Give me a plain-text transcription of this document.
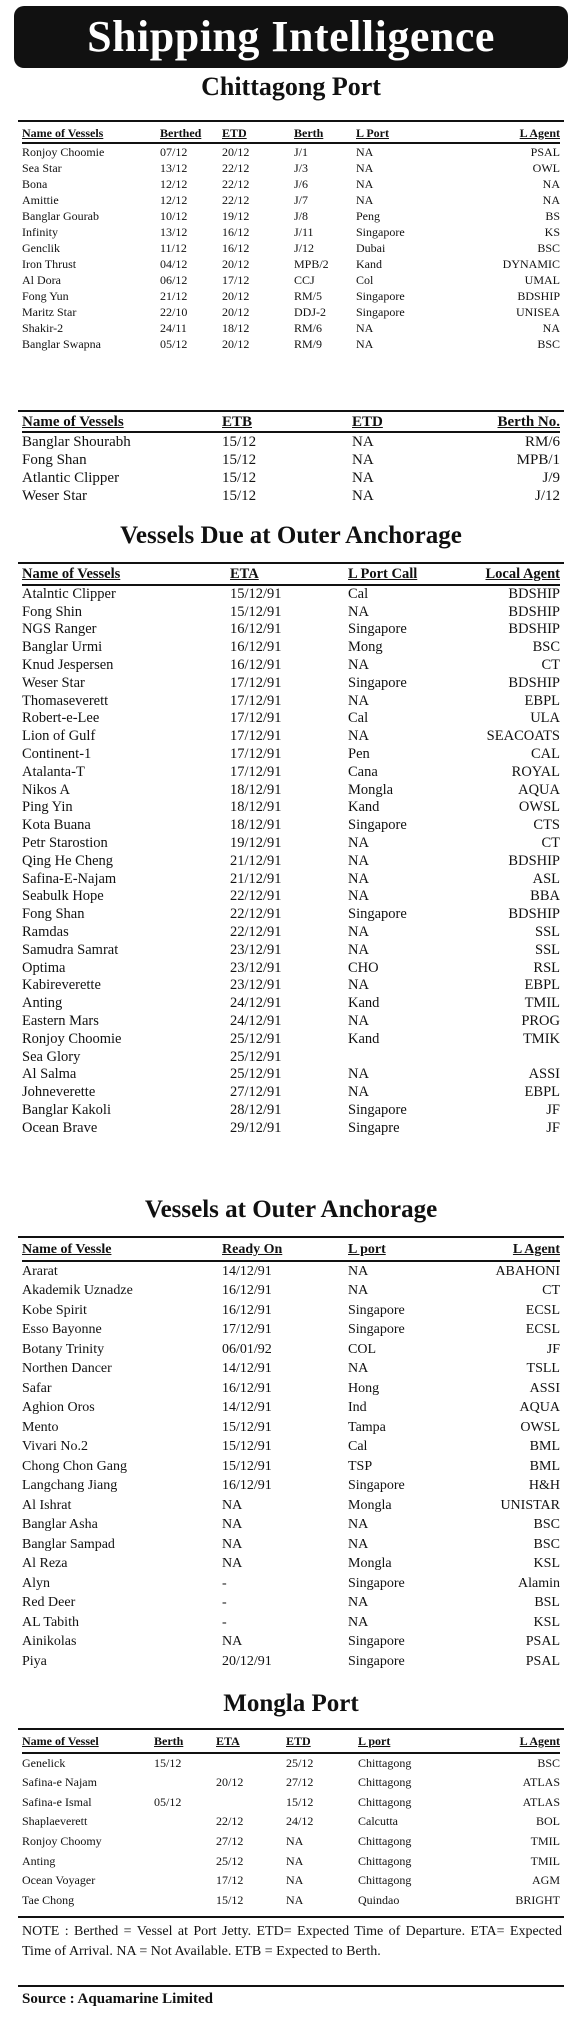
Shipping Intelligence
Chittagong Port
Name of Vessels	Berthed	ETD	Berth	L Port	L Agent
Ronjoy Choomie	07/12	20/12	J/1	NA	PSAL
Sea Star	13/12	22/12	J/3	NA	OWL
Bona	12/12	22/12	J/6	NA	NA
Amittie	12/12	22/12	J/7	NA	NA
Banglar Gourab	10/12	19/12	J/8	Peng	BS
Infinity	13/12	16/12	J/11	Singapore	KS
Genclik	11/12	16/12	J/12	Dubai	BSC
Iron Thrust	04/12	20/12	MPB/2	Kand	DYNAMIC
Al Dora	06/12	17/12	CCJ	Col	UMAL
Fong Yun	21/12	20/12	RM/5	Singapore	BDSHIP
Maritz Star	22/10	20/12	DDJ-2	Singapore	UNISEA
Shakir-2	24/11	18/12	RM/6	NA	NA
Banglar Swapna	05/12	20/12	RM/9	NA	BSC
Name of Vessels	ETB	ETD	Berth No.
Banglar Shourabh	15/12	NA	RM/6
Fong Shan	15/12	NA	MPB/1
Atlantic Clipper	15/12	NA	J/9
Weser Star	15/12	NA	J/12
Vessels Due at Outer Anchorage
Name of Vessels	ETA	L Port Call	Local Agent
Atalntic Clipper	15/12/91	Cal	BDSHIP
Fong Shin	15/12/91	NA	BDSHIP
NGS Ranger	16/12/91	Singapore	BDSHIP
Banglar Urmi	16/12/91	Mong	BSC
Knud Jespersen	16/12/91	NA	CT
Weser Star	17/12/91	Singapore	BDSHIP
Thomaseverett	17/12/91	NA	EBPL
Robert-e-Lee	17/12/91	Cal	ULA
Lion of Gulf	17/12/91	NA	SEACOATS
Continent-1	17/12/91	Pen	CAL
Atalanta-T	17/12/91	Cana	ROYAL
Nikos A	18/12/91	Mongla	AQUA
Ping Yin	18/12/91	Kand	OWSL
Kota Buana	18/12/91	Singapore	CTS
Petr Starostion	19/12/91	NA	CT
Qing He Cheng	21/12/91	NA	BDSHIP
Safina-E-Najam	21/12/91	NA	ASL
Seabulk Hope	22/12/91	NA	BBA
Fong Shan	22/12/91	Singapore	BDSHIP
Ramdas	22/12/91	NA	SSL
Samudra Samrat	23/12/91	NA	SSL
Optima	23/12/91	CHO	RSL
Kabireverette	23/12/91	NA	EBPL
Anting	24/12/91	Kand	TMIL
Eastern Mars	24/12/91	NA	PROG
Ronjoy Choomie	25/12/91	Kand	TMIK
Sea Glory	25/12/91		
Al Salma	25/12/91	NA	ASSI
Johneverette	27/12/91	NA	EBPL
Banglar Kakoli	28/12/91	Singapore	JF
Ocean Brave	29/12/91	Singapre	JF
Vessels at Outer Anchorage
Name of Vessle	Ready On	L port	L Agent
Ararat	14/12/91	NA	ABAHONI
Akademik Uznadze	16/12/91	NA	CT
Kobe Spirit	16/12/91	Singapore	ECSL
Esso Bayonne	17/12/91	Singapore	ECSL
Botany Trinity	06/01/92	COL	JF
Northen Dancer	14/12/91	NA	TSLL
Safar	16/12/91	Hong	ASSI
Aghion Oros	14/12/91	Ind	AQUA
Mento	15/12/91	Tampa	OWSL
Vivari No.2	15/12/91	Cal	BML
Chong Chon Gang	15/12/91	TSP	BML
Langchang Jiang	16/12/91	Singapore	H&H
Al Ishrat	NA	Mongla	UNISTAR
Banglar Asha	NA	NA	BSC
Banglar Sampad	NA	NA	BSC
Al Reza	NA	Mongla	KSL
Alyn	-	Singapore	Alamin
Red Deer	-	NA	BSL
AL Tabith	-	NA	KSL
Ainikolas	NA	Singapore	PSAL
Piya	20/12/91	Singapore	PSAL
Mongla Port
Name of Vessel	Berth	ETA	ETD	L port	L Agent
Genelick	15/12		25/12	Chittagong	BSC
Safina-e Najam		20/12	27/12	Chittagong	ATLAS
Safina-e Ismal	05/12		15/12	Chittagong	ATLAS
Shaplaeverett		22/12	24/12	Calcutta	BOL
Ronjoy Choomy		27/12	NA	Chittagong	TMIL
Anting		25/12	NA	Chittagong	TMIL
Ocean Voyager		17/12	NA	Chittagong	AGM
Tae Chong		15/12	NA	Quindao	BRIGHT
NOTE : Berthed = Vessel at Port Jetty. ETD= Expected Time of Departure. ETA= Expected Time of Arrival. NA = Not Available. ETB = Expected to Berth.
Source : Aquamarine Limited
